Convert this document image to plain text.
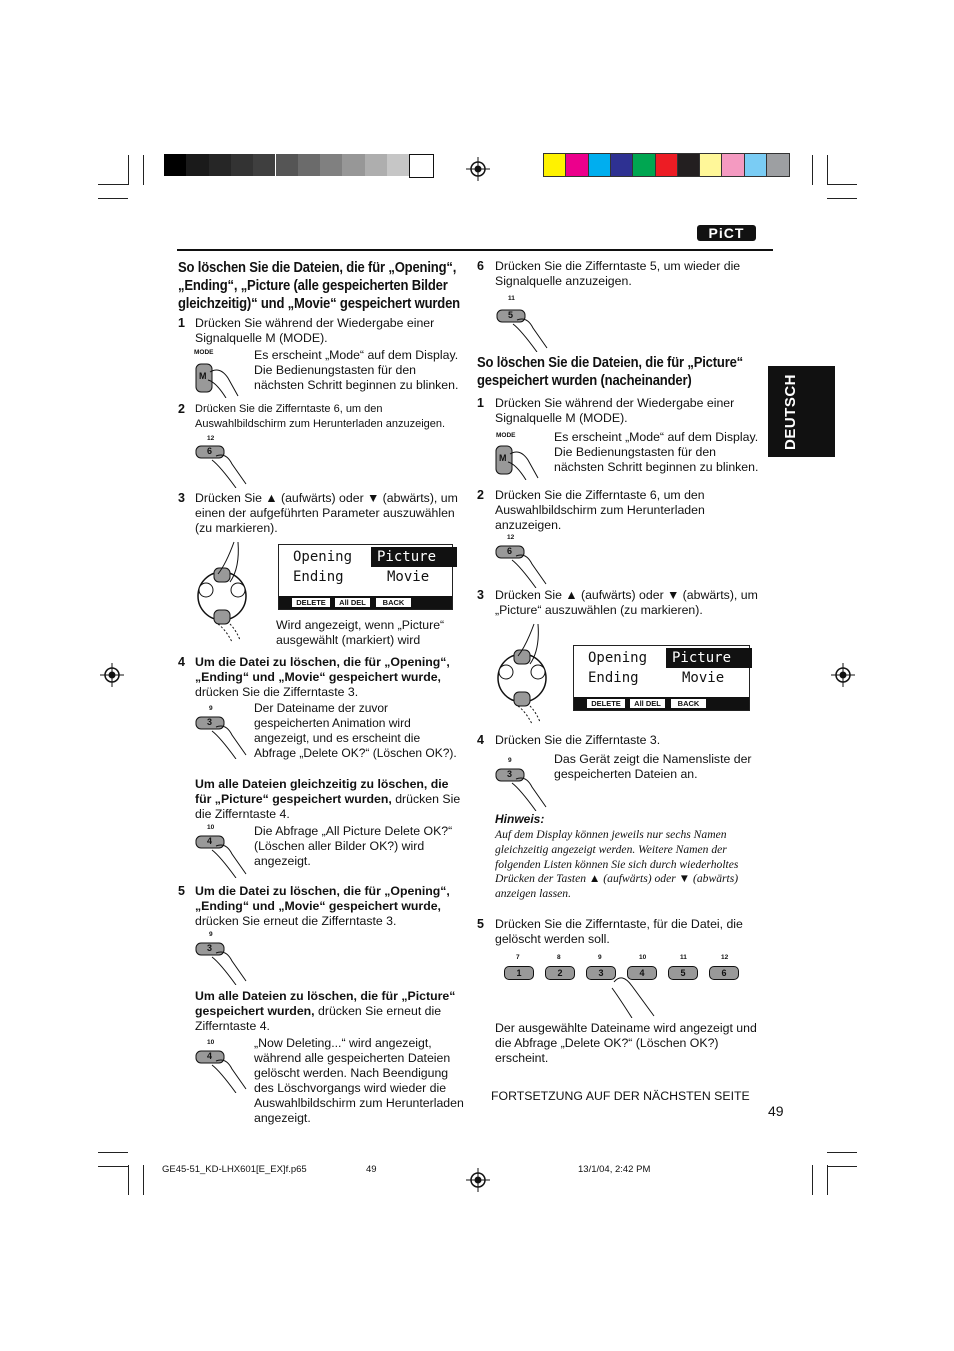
PiCT
DEUTSCH
So löschen Sie die Dateien, die für „Opening“, „Ending“, „Picture (alle gespeicherten Bilder gleichzeitig)“ und „Movie“ gespeichert wurden
1 Drücken Sie während der Wiedergabe einer Signalquelle M (MODE).
MODE
M
Es erscheint „Mode“ auf dem Display. Die Bedienungstasten für den nächsten Schritt beginnen zu blinken.
2 Drücken Sie die Zifferntaste 6, um den Auswahlbildschirm zum Herunterladen anzuzeigen.
12
6
3 Drücken Sie ▲ (aufwärts) oder ▼ (abwärts), um einen der aufgeführten Parameter auszuwählen (zu markieren).
Opening	Picture
Ending	Movie
DELETE	All DEL	BACK
Wird angezeigt, wenn „Picture“ ausgewählt (markiert) wird
4 Um die Datei zu löschen, die für „Opening“, „Ending“ und „Movie“ gespeichert wurde, drücken Sie die Zifferntaste 3.
9
3
Der Dateiname der zuvor gespeicherten Animation wird angezeigt, und es erscheint die Abfrage „Delete OK?“ (Löschen OK?).
Um alle Dateien gleichzeitig zu löschen, die für „Picture“ gespeichert wurden, drücken Sie die Zifferntaste 4.
10
4
Die Abfrage „All Picture Delete OK?“ (Löschen aller Bilder OK?) wird angezeigt.
5 Um die Datei zu löschen, die für „Opening“, „Ending“ und „Movie“ gespeichert wurde, drücken Sie erneut die Zifferntaste 3.
9
3
Um alle Dateien zu löschen, die für „Picture“ gespeichert wurden, drücken Sie erneut die Zifferntaste 4.
10
4
„Now Deleting...“ wird angezeigt, während alle gespeicherten Dateien gelöscht werden. Nach Beendigung des Löschvorgangs wird wieder die Auswahlbildschirm zum Herunterladen angezeigt.
6 Drücken Sie die Zifferntaste 5, um wieder die Signalquelle anzuzeigen.
11
5
So löschen Sie die Dateien, die für „Picture“ gespeichert wurden (nacheinander)
1 Drücken Sie während der Wiedergabe einer Signalquelle M (MODE).
MODE
M
Es erscheint „Mode“ auf dem Display. Die Bedienungstasten für den nächsten Schritt beginnen zu blinken.
2 Drücken Sie die Zifferntaste 6, um den Auswahlbildschirm zum Herunterladen anzuzeigen.
12
6
3 Drücken Sie ▲ (aufwärts) oder ▼ (abwärts), um „Picture“ auszuwählen (zu markieren).
Opening	Picture
Ending	Movie
DELETE	All DEL	BACK
4 Drücken Sie die Zifferntaste 3.
9
3
Das Gerät zeigt die Namensliste der gespeicherten Dateien an.
Hinweis:
Auf dem Display können jeweils nur sechs Namen gleichzeitig angezeigt werden. Weitere Namen der folgenden Listen können Sie sich durch wiederholtes Drücken der Tasten ▲ (aufwärts) oder ▼ (abwärts) anzeigen lassen.
5 Drücken Sie die Zifferntaste, für die Datei, die gelöscht werden soll.
7
1
8
2
9
3
10
4
11
5
12
6
Der ausgewählte Dateiname wird angezeigt und die Abfrage „Delete OK?“ (Löschen OK?) erscheint.
FORTSETZUNG AUF DER NÄCHSTEN SEITE
49
GE45-51_KD-LHX601[E_EX]f.p65	49	13/1/04, 2:42 PM
